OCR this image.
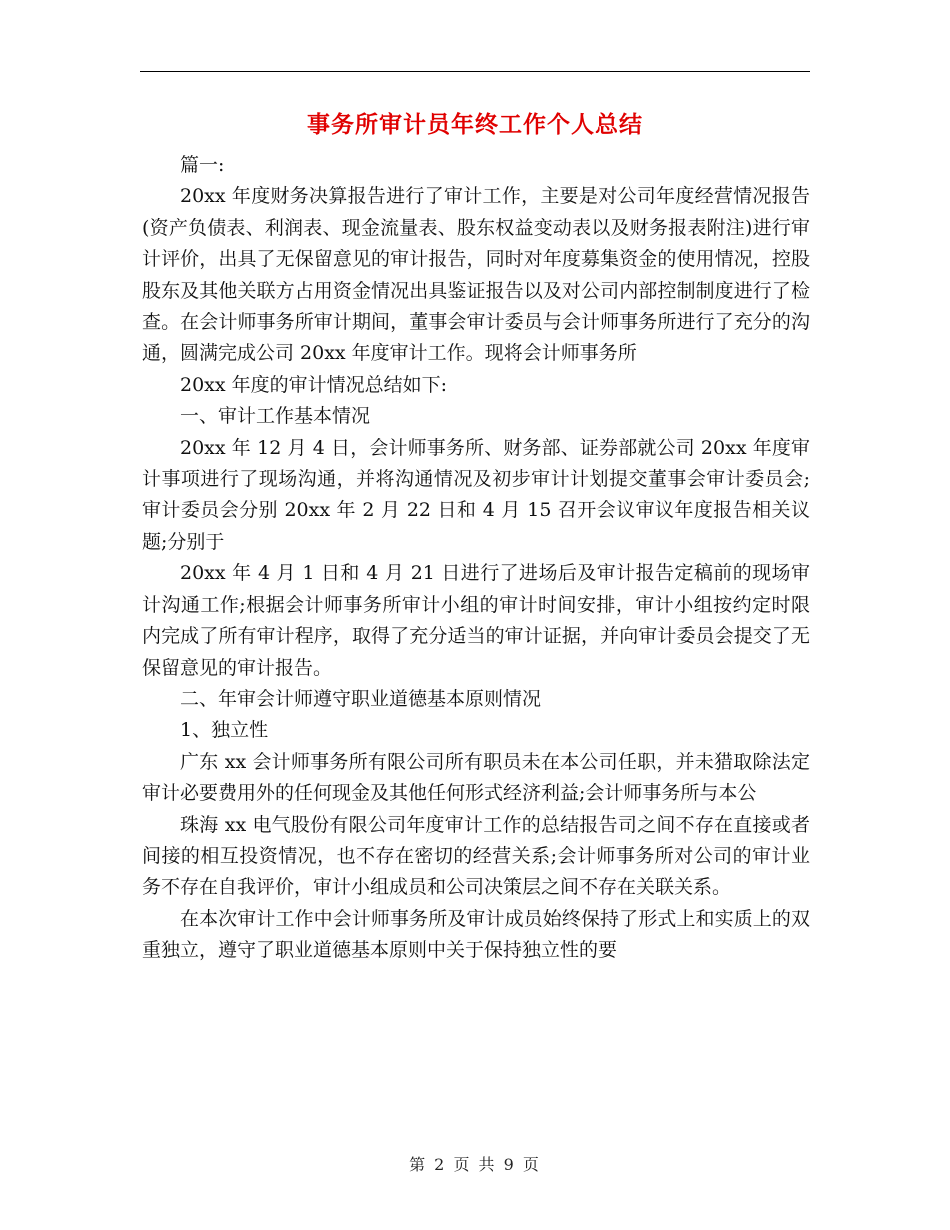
事务所审计员年终工作个人总结

篇一:

20xx 年度财务决算报告进行了审计工作，主要是对公司年度经营情况报告(资产负债表、利润表、现金流量表、股东权益变动表以及财务报表附注)进行审计评价，出具了无保留意见的审计报告，同时对年度募集资金的使用情况，控股股东及其他关联方占用资金情况出具鉴证报告以及对公司内部控制制度进行了检查。在会计师事务所审计期间，董事会审计委员与会计师事务所进行了充分的沟通，圆满完成公司 20xx 年度审计工作。现将会计师事务所

20xx 年度的审计情况总结如下:

一、审计工作基本情况

20xx 年 12 月 4 日，会计师事务所、财务部、证券部就公司 20xx 年度审计事项进行了现场沟通，并将沟通情况及初步审计计划提交董事会审计委员会;审计委员会分别 20xx 年 2 月 22 日和 4 月 15 召开会议审议年度报告相关议题;分别于

20xx 年 4 月 1 日和 4 月 21 日进行了进场后及审计报告定稿前的现场审计沟通工作;根据会计师事务所审计小组的审计时间安排，审计小组按约定时限内完成了所有审计程序，取得了充分适当的审计证据，并向审计委员会提交了无保留意见的审计报告。

二、年审会计师遵守职业道德基本原则情况

1、独立性

广东 xx 会计师事务所有限公司所有职员未在本公司任职，并未猎取除法定审计必要费用外的任何现金及其他任何形式经济利益;会计师事务所与本公

珠海 xx 电气股份有限公司年度审计工作的总结报告司之间不存在直接或者间接的相互投资情况，也不存在密切的经营关系;会计师事务所对公司的审计业务不存在自我评价，审计小组成员和公司决策层之间不存在关联关系。

在本次审计工作中会计师事务所及审计成员始终保持了形式上和实质上的双重独立，遵守了职业道德基本原则中关于保持独立性的要

第 2 页 共 9 页
